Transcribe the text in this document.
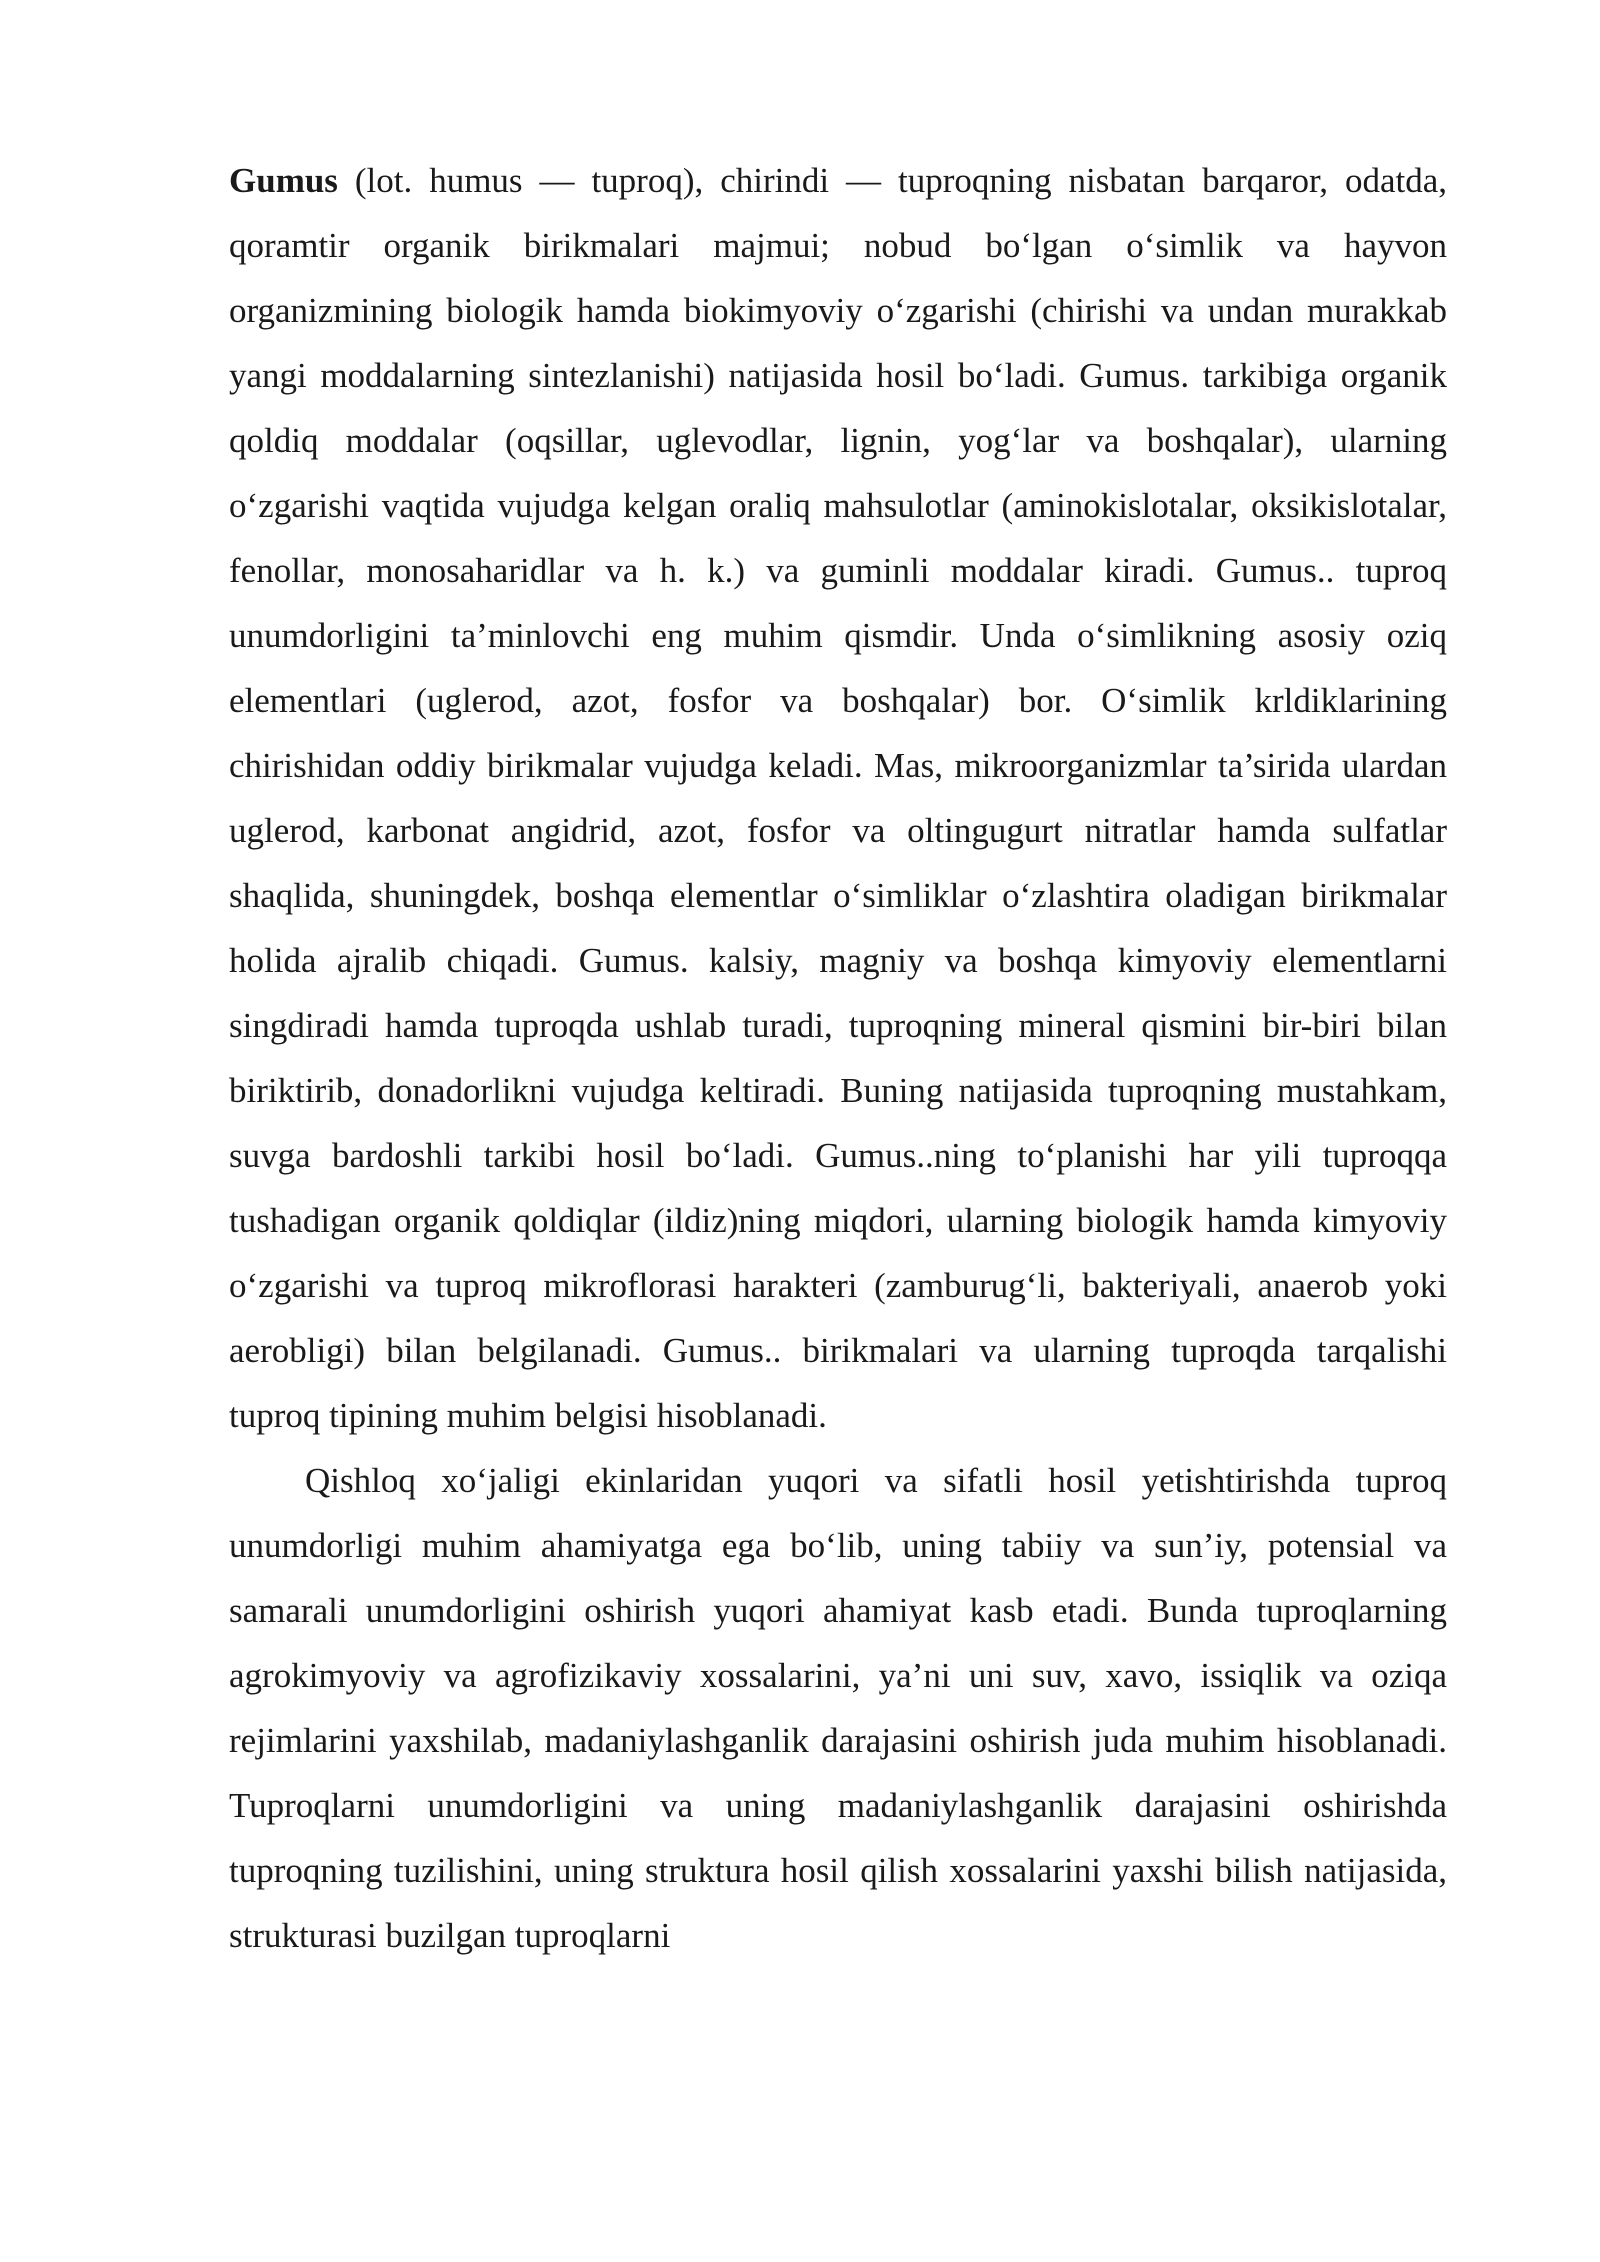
Gumus (lot. humus — tuproq), chirindi — tuproqning nisbatan barqaror, odatda, qoramtir organik birikmalari majmui; nobud bo‘lgan o‘simlik va hayvon organizmining biologik hamda biokimyoviy o‘zgarishi (chirishi va undan murakkab yangi moddalarning sintezlanishi) natijasida hosil bo‘ladi. Gumus. tarkibiga organik qoldiq moddalar (oqsillar, uglevodlar, lignin, yog‘lar va boshqalar), ularning o‘zgarishi vaqtida vujudga kelgan oraliq mahsulotlar (aminokislotalar, oksikislotalar, fenollar, monosaharidlar va h. k.) va guminli moddalar kiradi. Gumus.. tuproq unumdorligini ta’minlovchi eng muhim qismdir. Unda o‘simlikning asosiy oziq elementlari (uglerod, azot, fosfor va boshqalar) bor. O‘simlik krldiklarining chirishidan oddiy birikmalar vujudga keladi. Mas, mikroorganizmlar ta’sirida ulardan uglerod, karbonat angidrid, azot, fosfor va oltingugurt nitratlar hamda sulfatlar shaqlida, shuningdek, boshqa elementlar o‘simliklar o‘zlashtira oladigan birikmalar holida ajralib chiqadi. Gumus. kalsiy, magniy va boshqa kimyoviy elementlarni singdiradi hamda tuproqda ushlab turadi, tuproqning mineral qismini bir-biri bilan biriktirib, donadorlikni vujudga keltiradi. Buning natijasida tuproqning mustahkam, suvga bardoshli tarkibi hosil bo‘ladi. Gumus..ning to‘planishi har yili tuproqqa tushadigan organik qoldiqlar (ildiz)ning miqdori, ularning biologik hamda kimyoviy o‘zgarishi va tuproq mikroflorasi harakteri (zamburug‘li, bakteriyali, anaerob yoki aerobligi) bilan belgilanadi. Gumus.. birikmalari va ularning tuproqda tarqalishi tuproq tipining muhim belgisi hisoblanadi.

Qishloq xo‘jaligi ekinlaridan yuqori va sifatli hosil yetishtirishda tuproq unumdorligi muhim ahamiyatga ega bo‘lib, uning tabiiy va sun’iy, potensial va samarali unumdorligini oshirish yuqori ahamiyat kasb etadi. Bunda tuproqlarning agrokimyoviy va agrofizikaviy xossalarini, ya’ni uni suv, xavo, issiqlik va oziqa rejimlarini yaxshilab, madaniylashganlik darajasini oshirish juda muhim hisoblanadi. Tuproqlarni unumdorligini va uning madaniylashganlik darajasini oshirishda tuproqning tuzilishini, uning struktura hosil qilish xossalarini yaxshi bilish natijasida, strukturasi buzilgan tuproqlarni
